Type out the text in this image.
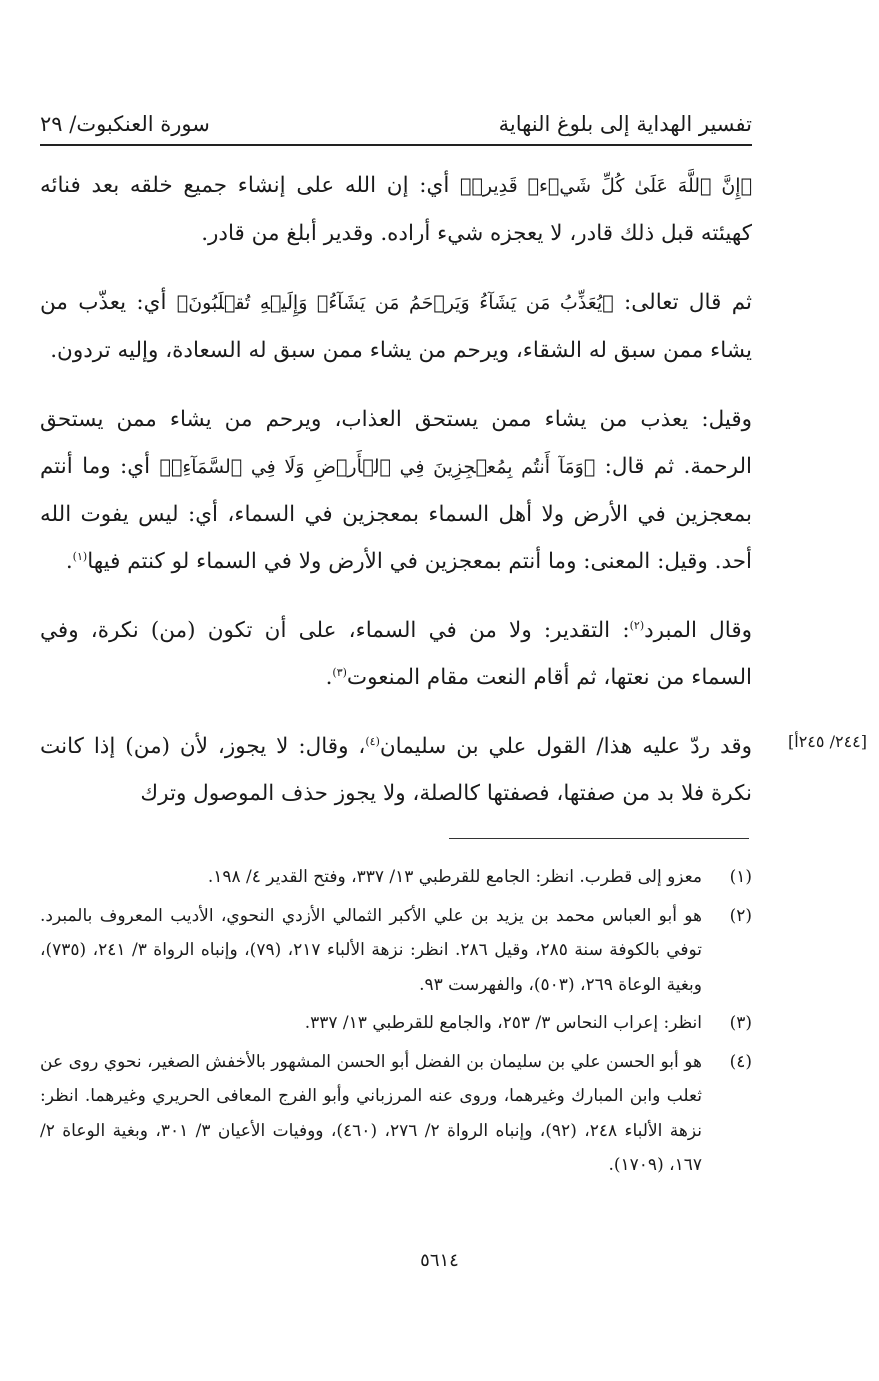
تفسير الهداية إلى بلوغ النهاية
سورة العنكبوت/ ٢٩

﴿إِنَّ ٱللَّهَ عَلَىٰ كُلِّ شَيۡءٖ قَدِيرٞ﴾ أي: إن الله على إنشاء جميع خلقه بعد فنائه كهيئته قبل ذلك قادر، لا يعجزه شيء أراده. وقدير أبلغ من قادر.

ثم قال تعالى: ﴿يُعَذِّبُ مَن يَشَآءُ وَيَرۡحَمُ مَن يَشَآءُۖ وَإِلَيۡهِ تُقۡلَبُونَ﴾ أي: يعذّب من يشاء ممن سبق له الشقاء، ويرحم من يشاء ممن سبق له السعادة، وإليه تردون.

وقيل: يعذب من يشاء ممن يستحق العذاب، ويرحم من يشاء ممن يستحق الرحمة. ثم قال: ﴿وَمَآ أَنتُم بِمُعۡجِزِينَ فِي ٱلۡأَرۡضِ وَلَا فِي ٱلسَّمَآءِۖ﴾ أي: وما أنتم بمعجزين في الأرض ولا أهل السماء بمعجزين في السماء، أي: ليس يفوت الله أحد. وقيل: المعنى: وما أنتم بمعجزين في الأرض ولا في السماء لو كنتم فيها$^{(١)}$.

وقال المبرد$^{(٢)}$: التقدير: ولا من في السماء، على أن تكون (من) نكرة، وفي السماء من نعتها، ثم أقام النعت مقام المنعوت$^{(٣)}$.

وقد ردّ عليه هذا/ القول علي بن سليمان$^{(٤)}$، وقال: لا يجوز، لأن (من) إذا كانت نكرة فلا بد من صفتها، فصفتها كالصلة، ولا يجوز حذف الموصول وترك

[٢٤٤/ ٢٤٥أ]
(١)
معزو إلى قطرب. انظر: الجامع للقرطبي ١٣/ ٣٣٧، وفتح القدير ٤/ ١٩٨.
(٢)
هو أبو العباس محمد بن يزيد بن علي الأكبر الثمالي الأزدي النحوي، الأديب المعروف بالمبرد. توفي بالكوفة سنة ٢٨٥، وقيل ٢٨٦. انظر: نزهة الألباء ٢١٧، (٧٩)، وإنباه الرواة ٣/ ٢٤١، (٧٣٥)، وبغية الوعاة ٢٦٩، (٥٠٣)، والفهرست ٩٣.
(٣)
انظر: إعراب النحاس ٣/ ٢٥٣، والجامع للقرطبي ١٣/ ٣٣٧.
(٤)
هو أبو الحسن علي بن سليمان بن الفضل أبو الحسن المشهور بالأخفش الصغير، نحوي روى عن ثعلب وابن المبارك وغيرهما، وروى عنه المرزباني وأبو الفرج المعافى الحريري وغيرهما. انظر: نزهة الألباء ٢٤٨، (٩٢)، وإنباه الرواة ٢/ ٢٧٦، (٤٦٠)، ووفيات الأعيان ٣/ ٣٠١، وبغية الوعاة ٢/ ١٦٧، (١٧٠٩).
٥٦١٤
